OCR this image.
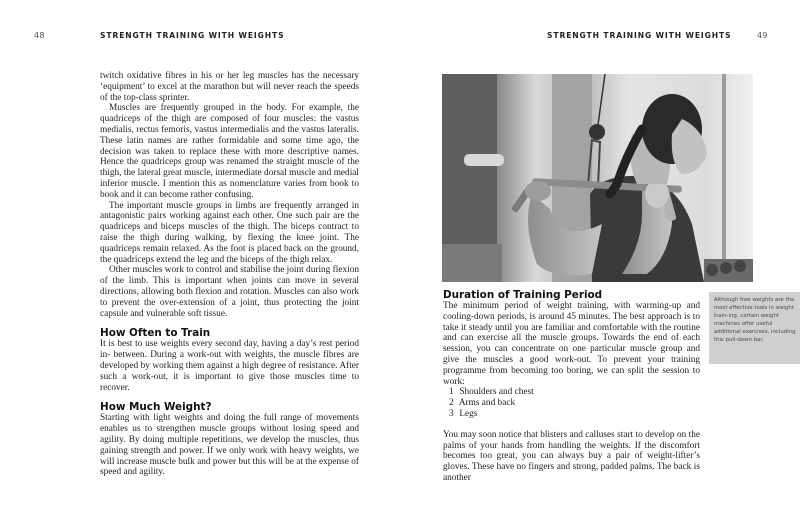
48	STRENGTH TRAINING WITH WEIGHTS

twitch oxidative fibres in his or her leg muscles has the necessary ‘equipment’ to excel at the marathon but will never reach the speeds of the top-class sprinter.

Muscles are frequently grouped in the body. For example, the quadriceps of the thigh are composed of four muscles: the vastus medialis, rectus femoris, vastus intermedialis and the vastus lateralis. These latin names are rather formidable and some time ago, the decision was taken to replace these with more descriptive names. Hence the quadriceps group was renamed the straight muscle of the thigh, the lateral great muscle, intermediate dorsal muscle and medial inferior muscle. I mention this as nomenclature varies from book to book and it can become rather confusing.

The important muscle groups in limbs are frequently arranged in antagonistic pairs working against each other. One such pair are the quadriceps and biceps muscles of the thigh. The biceps contract to raise the thigh during walking, by flexing the knee joint. The quadriceps remain relaxed. As the foot is placed back on the ground, the quadriceps extend the leg and the biceps of the thigh relax.

Other muscles work to control and stabilise the joint during flexion of the limb. This is important when joints can move in several directions, allowing both flexion and rotation. Muscles can also work to prevent the over-extension of a joint, thus protecting the joint capsule and vulnerable soft tissue.

How Often to Train

It is best to use weights every second day, having a day’s rest period in- between. During a work-out with weights, the muscle fibres are developed by working them against a high degree of resistance. After such a work-out, it is important to give those muscles time to recover.

How Much Weight?

Starting with light weights and doing the full range of movements enables us to strengthen muscle groups without losing speed and agility. By doing multiple repetitions, we develop the muscles, thus gaining strength and power. If we only work with heavy weights, we will increase muscle bulk and power but this will be at the expense of speed and agility.

STRENGTH TRAINING WITH WEIGHTS	49
Although free weights are the most effective tools in weight train-ing, certain weight machines offer useful additional exercises, including this pull-down bar.
Duration of Training Period

The minimum period of weight training, with warming-up and cooling-down periods, is around 45 minutes. The best approach is to take it steady until you are familiar and comfortable with the routine and can exercise all the muscle groups. Towards the end of each session, you can concentrate on one particular muscle group and give the muscles a good work-out. To prevent your training programme from becoming too boring, we can split the session to work:

1 Shoulders and chest
2 Arms and back
3 Legs

You may soon notice that blisters and calluses start to develop on the palms of your hands from handling the weights. If the discomfort becomes too great, you can always buy a pair of weight-lifter’s gloves. These have no fingers and strong, padded palms. The back is another
